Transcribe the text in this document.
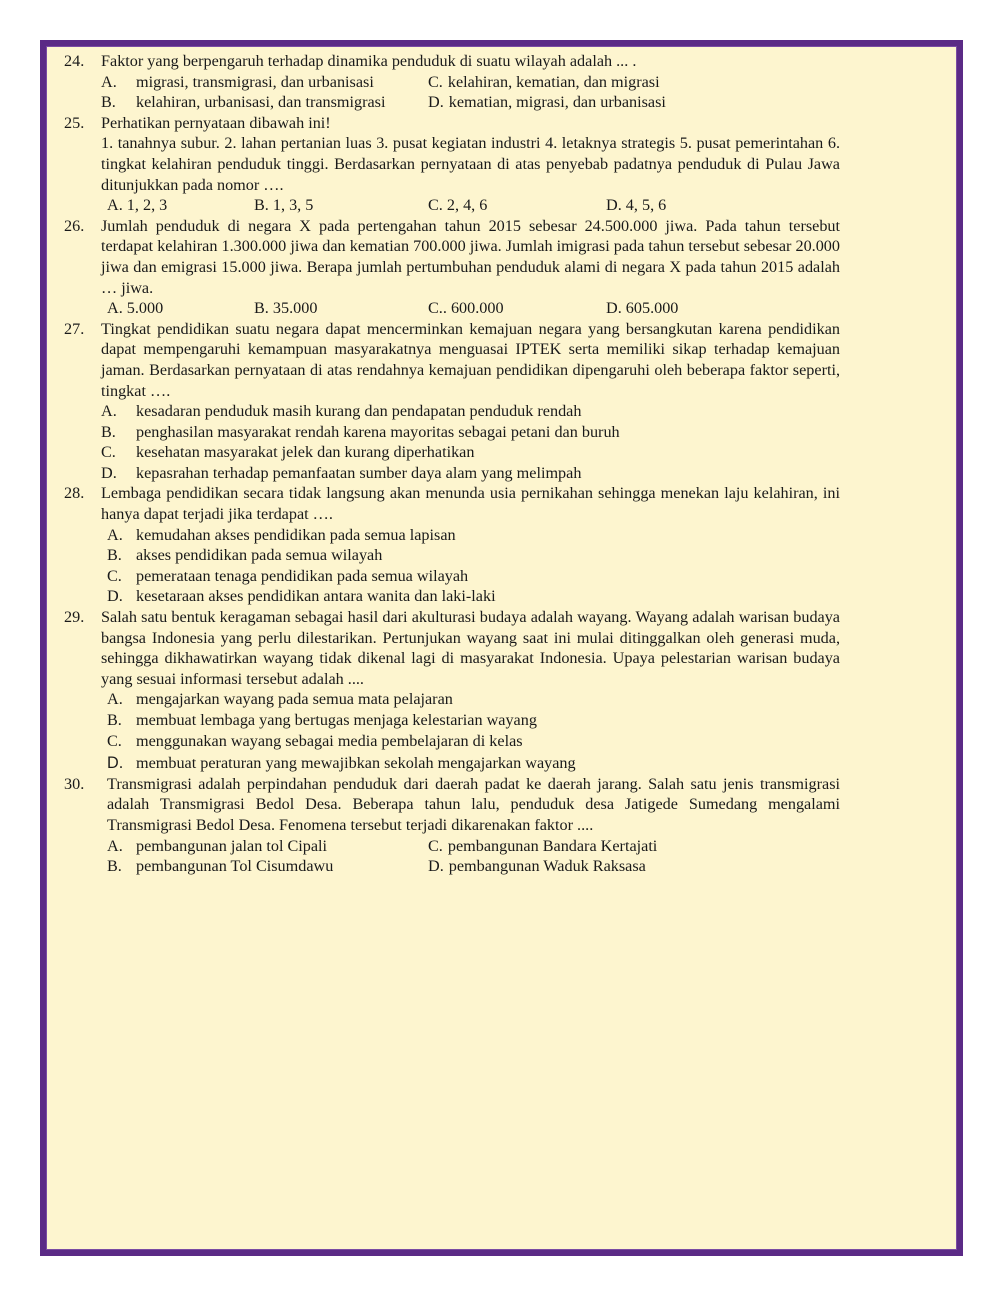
24.	Faktor yang berpengaruh terhadap dinamika penduduk di suatu wilayah adalah ... .
A.	migrasi, transmigrasi, dan urbanisasi	C. kelahiran, kematian, dan migrasi
B.	kelahiran, urbanisasi, dan transmigrasi	D. kematian, migrasi, dan urbanisasi
25.	Perhatikan pernyataan dibawah ini!
1. tanahnya subur. 2. lahan pertanian luas 3. pusat kegiatan industri 4. letaknya strategis 5. pusat pemerintahan 6. tingkat kelahiran penduduk tinggi. Berdasarkan pernyataan di atas penyebab padatnya penduduk di Pulau Jawa ditunjukkan pada nomor ….
A. 1, 2, 3	B. 1, 3, 5	C. 2, 4, 6	D. 4, 5, 6
26.	Jumlah penduduk di negara X pada pertengahan tahun 2015 sebesar 24.500.000 jiwa. Pada tahun tersebut terdapat kelahiran 1.300.000 jiwa dan kematian 700.000 jiwa. Jumlah imigrasi pada tahun tersebut sebesar 20.000 jiwa dan emigrasi 15.000 jiwa. Berapa jumlah pertumbuhan penduduk alami di negara X pada tahun 2015 adalah … jiwa.
A. 5.000	B. 35.000	C.. 600.000	D. 605.000
27.	Tingkat pendidikan suatu negara dapat mencerminkan kemajuan negara yang bersangkutan karena pendidikan dapat mempengaruhi kemampuan masyarakatnya menguasai IPTEK serta memiliki sikap terhadap kemajuan jaman. Berdasarkan pernyataan di atas rendahnya kemajuan pendidikan dipengaruhi oleh beberapa faktor seperti, tingkat ….
A.	kesadaran penduduk masih kurang dan pendapatan penduduk rendah
B.	penghasilan masyarakat rendah karena mayoritas sebagai petani dan buruh
C.	kesehatan masyarakat jelek dan kurang diperhatikan
D.	kepasrahan terhadap pemanfaatan sumber daya alam yang melimpah
28.	Lembaga pendidikan secara tidak langsung akan menunda usia pernikahan sehingga menekan laju kelahiran, ini hanya dapat terjadi jika terdapat ….
A. kemudahan akses pendidikan pada semua lapisan
B. akses pendidikan pada semua wilayah
C. pemerataan tenaga pendidikan pada semua wilayah
D. kesetaraan akses pendidikan antara wanita dan laki-laki
29.	Salah satu bentuk keragaman sebagai hasil dari akulturasi budaya adalah wayang. Wayang adalah warisan budaya bangsa Indonesia yang perlu dilestarikan. Pertunjukan wayang saat ini mulai ditinggalkan oleh generasi muda, sehingga dikhawatirkan wayang tidak dikenal lagi di masyarakat Indonesia. Upaya pelestarian warisan budaya yang sesuai informasi tersebut adalah ....
A. mengajarkan wayang pada semua mata pelajaran
B. membuat lembaga yang bertugas menjaga kelestarian wayang
C. menggunakan wayang sebagai media pembelajaran di kelas
D. membuat peraturan yang mewajibkan sekolah mengajarkan wayang
30.	Transmigrasi adalah perpindahan penduduk dari daerah padat ke daerah jarang. Salah satu jenis transmigrasi adalah Transmigrasi Bedol Desa. Beberapa tahun lalu, penduduk desa Jatigede Sumedang mengalami Transmigrasi Bedol Desa. Fenomena tersebut terjadi dikarenakan faktor ....
A. pembangunan jalan tol Cipali	C. pembangunan Bandara Kertajati
B. pembangunan Tol Cisumdawu	D. pembangunan Waduk Raksasa
